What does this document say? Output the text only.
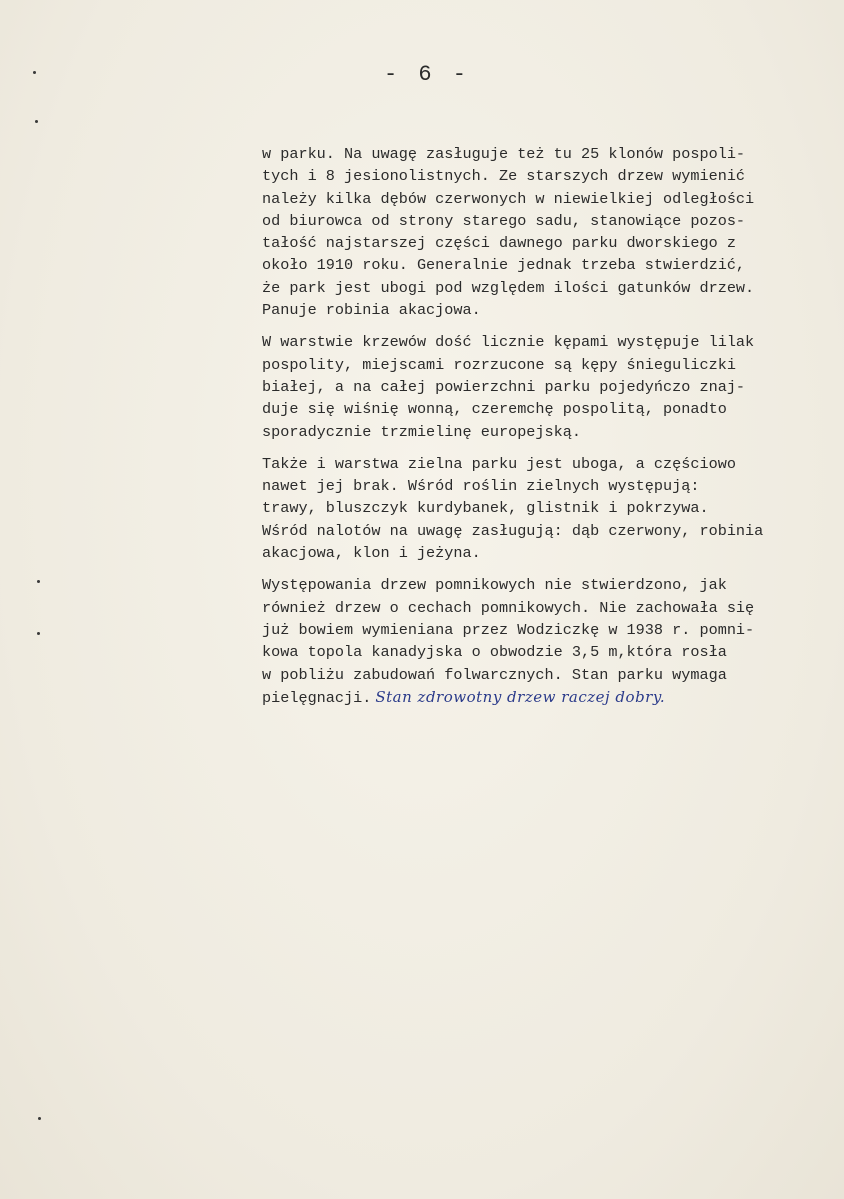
- 6 -
w parku. Na uwagę zasługuje też tu 25 klonów pospoli-
tych i 8 jesionolistnych. Ze starszych drzew wymienić
należy kilka dębów czerwonych w niewielkiej odległości
od biurowca od strony starego sadu, stanowiące pozos-
tałość najstarszej części dawnego parku dworskiego z
około 1910 roku. Generalnie jednak trzeba stwierdzić,
że park jest ubogi pod względem ilości gatunków drzew.
Panuje robinia akacjowa.
W warstwie krzewów dość licznie kępami występuje lilak
pospolity, miejscami rozrzucone są kępy śnieguliczki
białej, a na całej powierzchni parku pojedyńczo znaj-
duje się wiśnię wonną, czeremchę pospolitą, ponadto
sporadycznie trzmielinę europejską.
Także i warstwa zielna parku jest uboga, a częściowo
nawet jej brak. Wśród roślin zielnych występują:
trawy, bluszczyk kurdybanek, glistnik i pokrzywa.
Wśród nalotów na uwagę zasługują: dąb czerwony, robinia
akacjowa, klon i jeżyna.
Występowania drzew pomnikowych nie stwierdzono, jak
również drzew o cechach pomnikowych. Nie zachowała się
już bowiem wymieniana przez Wodziczkę w 1938 r. pomni-
kowa topola kanadyjska o obwodzie 3,5 m,która rosła
w pobliżu zabudowań folwarcznych. Stan parku wymaga
pielęgnacji. Stan zdrowotny drzew raczej dobry.
